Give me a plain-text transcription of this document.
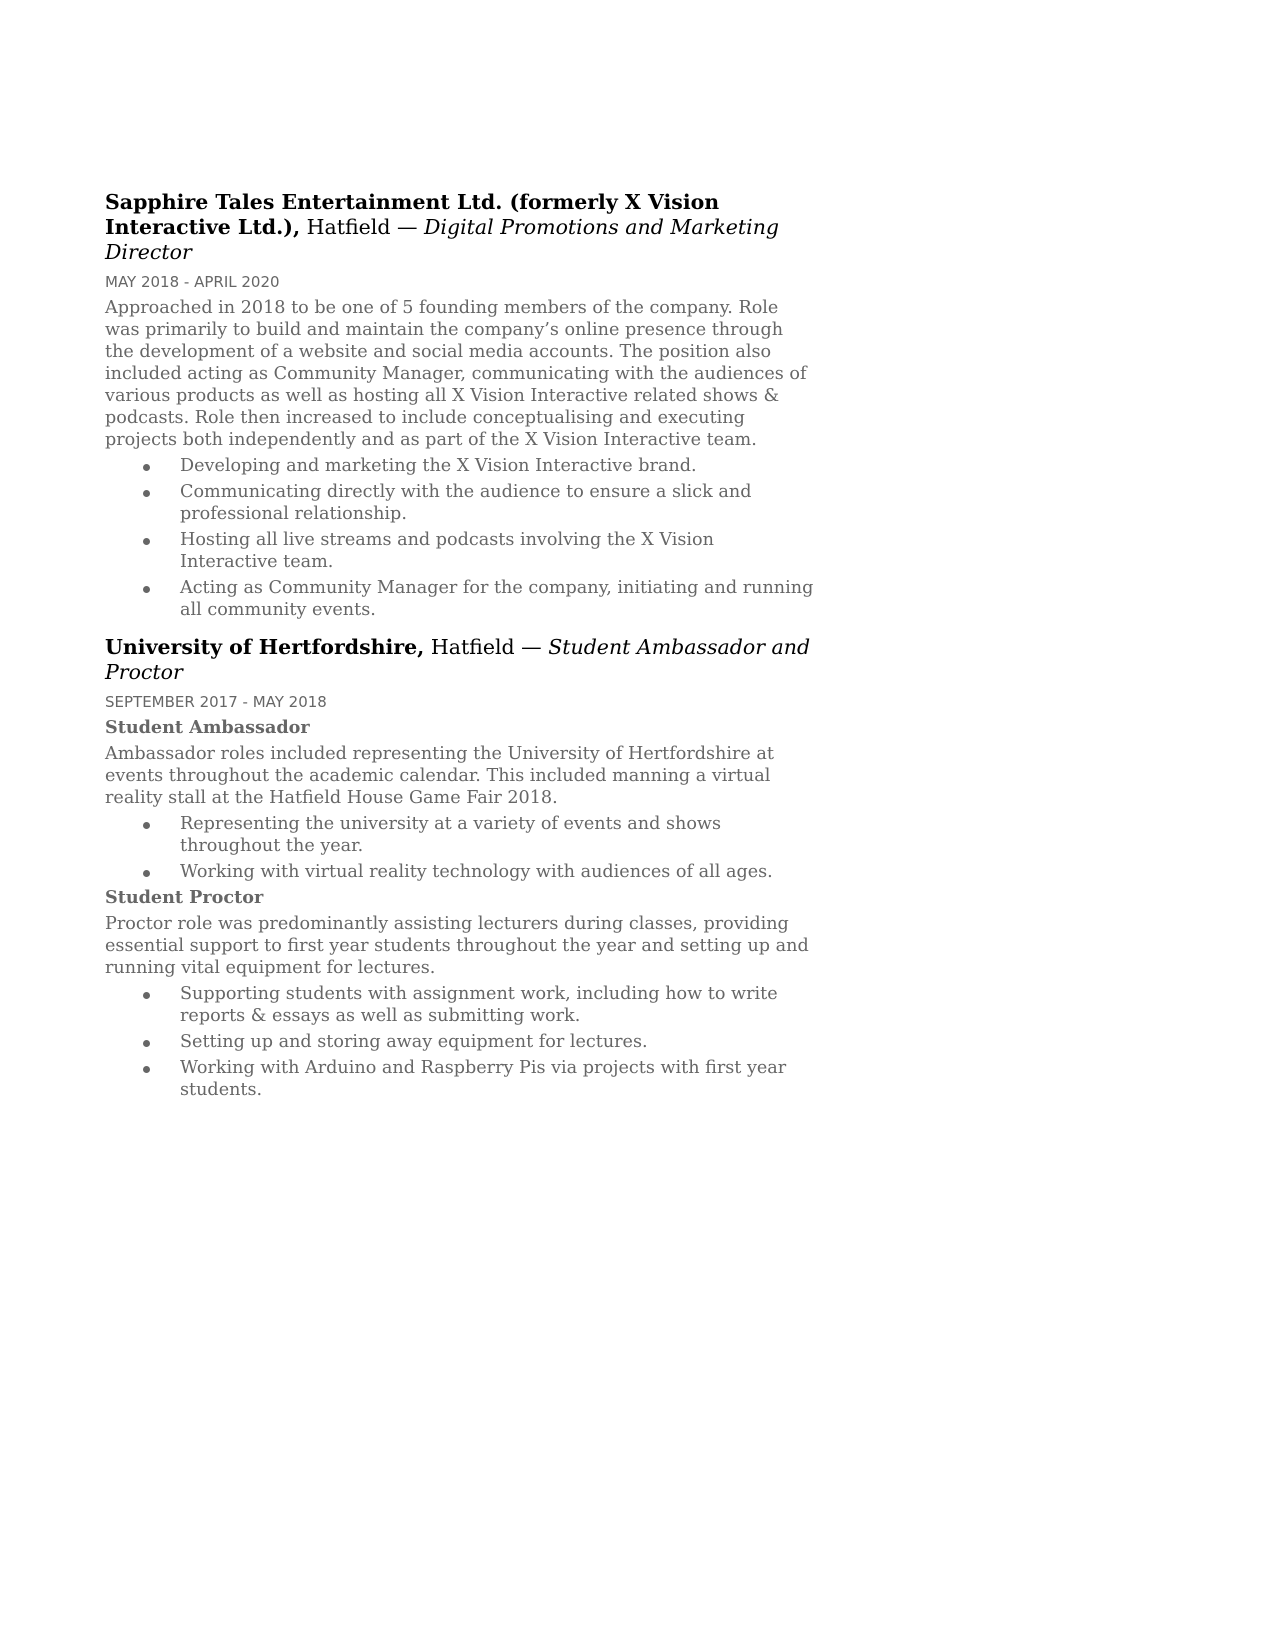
Sapphire Tales Entertainment Ltd. (formerly X Vision Interactive Ltd.), Hatfield — Digital Promotions and Marketing Director

MAY 2018 - APRIL 2020

Approached in 2018 to be one of 5 founding members of the company. Role was primarily to build and maintain the company’s online presence through the development of a website and social media accounts. The position also included acting as Community Manager, communicating with the audiences of various products as well as hosting all X Vision Interactive related shows & podcasts. Role then increased to include conceptualising and executing projects both independently and as part of the X Vision Interactive team.

Developing and marketing the X Vision Interactive brand.
Communicating directly with the audience to ensure a slick and professional relationship.
Hosting all live streams and podcasts involving the X Vision Interactive team.
Acting as Community Manager for the company, initiating and running all community events.

University of Hertfordshire, Hatfield — Student Ambassador and Proctor

SEPTEMBER 2017 - MAY 2018
Student Ambassador

Ambassador roles included representing the University of Hertfordshire at events throughout the academic calendar. This included manning a virtual reality stall at the Hatfield House Game Fair 2018.

Representing the university at a variety of events and shows throughout the year.
Working with virtual reality technology with audiences of all ages.
Student Proctor

Proctor role was predominantly assisting lecturers during classes, providing essential support to first year students throughout the year and setting up and running vital equipment for lectures.

Supporting students with assignment work, including how to write reports & essays as well as submitting work.
Setting up and storing away equipment for lectures.
Working with Arduino and Raspberry Pis via projects with first year students.
